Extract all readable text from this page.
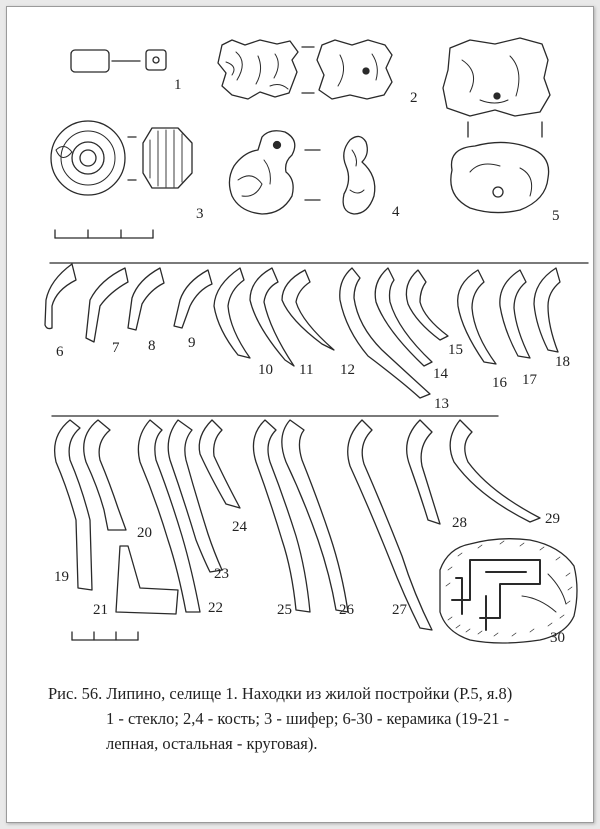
1
2
3	4	5
6	7 8 9
10 11 12
13
14
15
16 17
18
19
20
21	22
23
24
25	26	27
28	29
30
Рис. 56. Липино, селище 1. Находки из жилой постройки (Р.5, я.8)
1 - стекло; 2,4 - кость; 3 - шифер; 6-30 - керамика (19-21 -
лепная, остальная - круговая).
